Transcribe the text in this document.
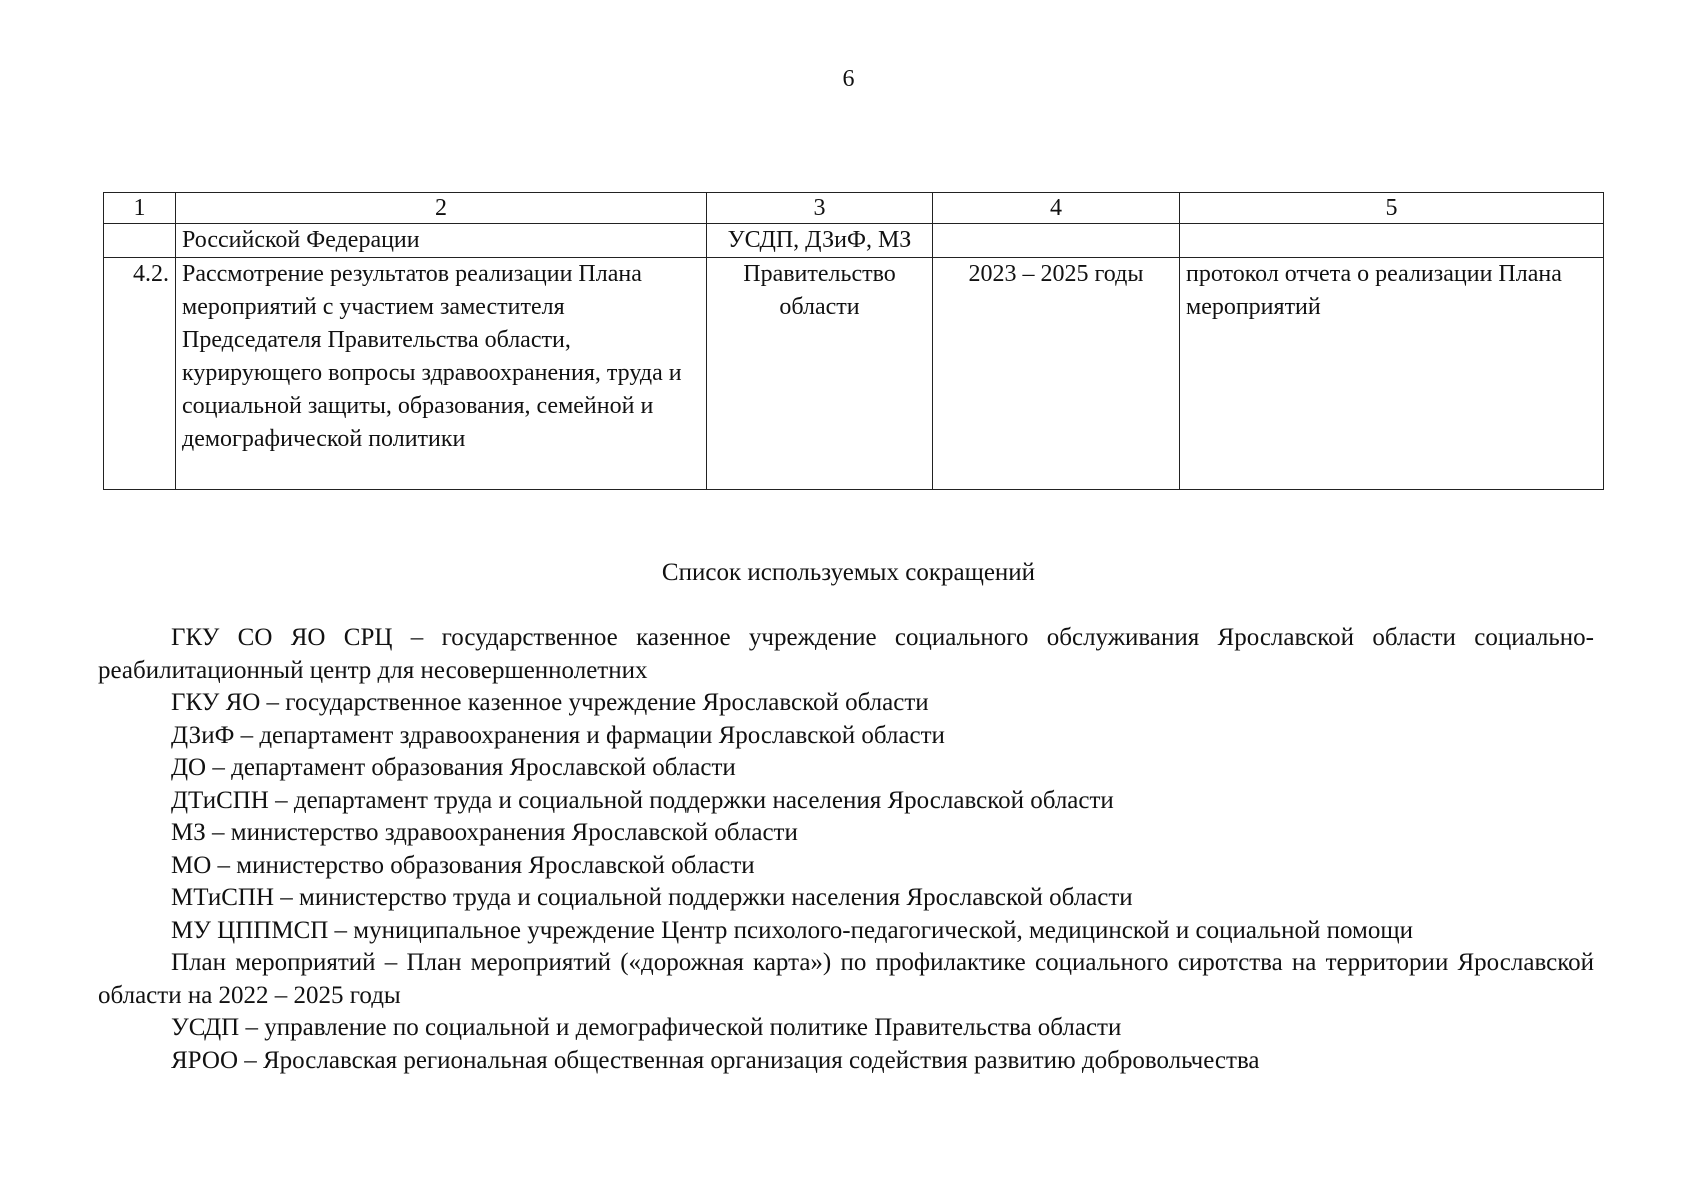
6
1	2	3	4	5
	Российской Федерации	УСДП, ДЗиФ, МЗ		
4.2.	Рассмотрение результатов реализации Плана мероприятий с участием заместителя Председателя Правительства области, курирующего вопросы здравоохранения, труда и социальной защиты, образования, семейной и демографической политики	Правительство области	2023 – 2025 годы	протокол отчета о реализации Плана мероприятий
Список используемых сокращений

ГКУ СО ЯО СРЦ – государственное казенное учреждение социального обслуживания Ярославской области социально-реабилитационный центр для несовершеннолетних

ГКУ ЯО – государственное казенное учреждение Ярославской области

ДЗиФ – департамент здравоохранения и фармации Ярославской области

ДО – департамент образования Ярославской области

ДТиСПН – департамент труда и социальной поддержки населения Ярославской области

МЗ – министерство здравоохранения Ярославской области

МО – министерство образования Ярославской области

МТиСПН – министерство труда и социальной поддержки населения Ярославской области

МУ ЦППМСП – муниципальное учреждение Центр психолого-педагогической, медицинской и социальной помощи

План мероприятий – План мероприятий («дорожная карта») по профилактике социального сиротства на территории Ярославской области на 2022 – 2025 годы

УСДП – управление по социальной и демографической политике Правительства области

ЯРОО – Ярославская региональная общественная организация содействия развитию добровольчества
